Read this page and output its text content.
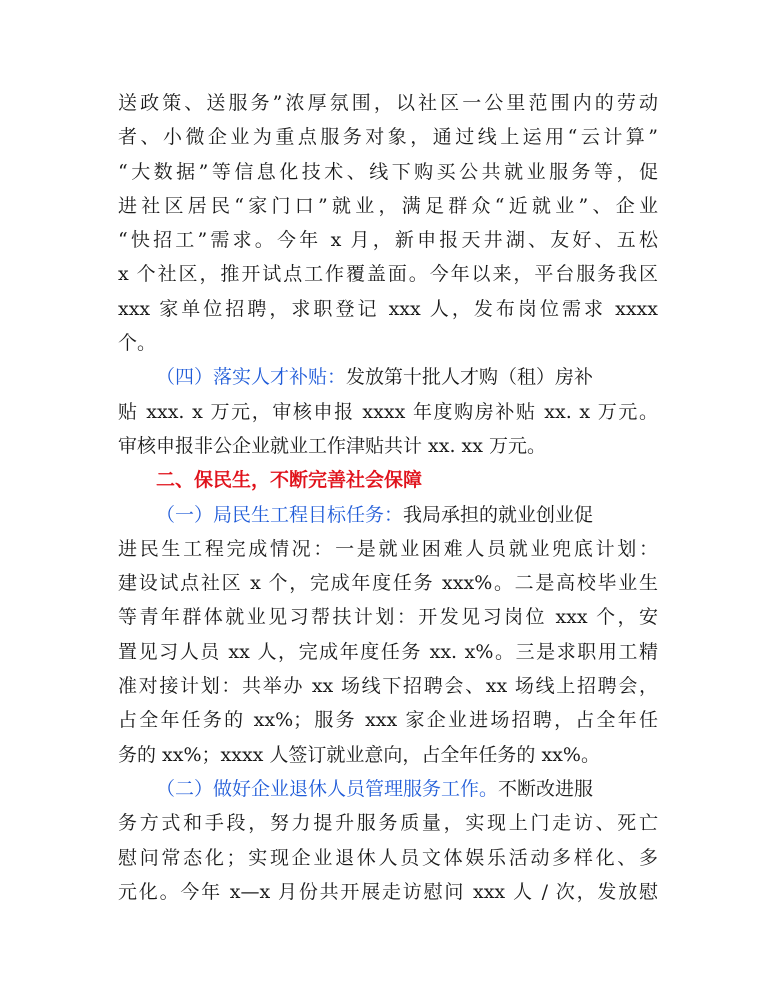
送政策、送服务”浓厚氛围，以社区一公里范围内的劳动
者、小微企业为重点服务对象，通过线上运用“云计算”
“大数据”等信息化技术、线下购买公共就业服务等，促
进社区居民“家门口”就业，满足群众“近就业”、企业
“快招工”需求。今年 x 月，新申报天井湖、友好、五松
x 个社区，推开试点工作覆盖面。今年以来，平台服务我区
xxx 家单位招聘，求职登记 xxx 人，发布岗位需求 xxxx
个。
（四）落实人才补贴：发放第十批人才购（租）房补
贴 xxx. x 万元，审核申报 xxxx 年度购房补贴 xx. x 万元。
审核申报非公企业就业工作津贴共计 xx. xx 万元。
二、保民生，不断完善社会保障
（一）局民生工程目标任务：我局承担的就业创业促
进民生工程完成情况：一是就业困难人员就业兜底计划：
建设试点社区 x 个，完成年度任务 xxx%。二是高校毕业生
等青年群体就业见习帮扶计划：开发见习岗位 xxx 个，安
置见习人员 xx 人，完成年度任务 xx. x%。三是求职用工精
准对接计划：共举办 xx 场线下招聘会、xx 场线上招聘会，
占全年任务的 xx%；服务 xxx 家企业进场招聘，占全年任
务的 xx%；xxxx 人签订就业意向，占全年任务的 xx%。
（二）做好企业退休人员管理服务工作。不断改进服
务方式和手段，努力提升服务质量，实现上门走访、死亡
慰问常态化；实现企业退休人员文体娱乐活动多样化、多
元化。今年 x—x 月份共开展走访慰问 xxx 人 / 次，发放慰
